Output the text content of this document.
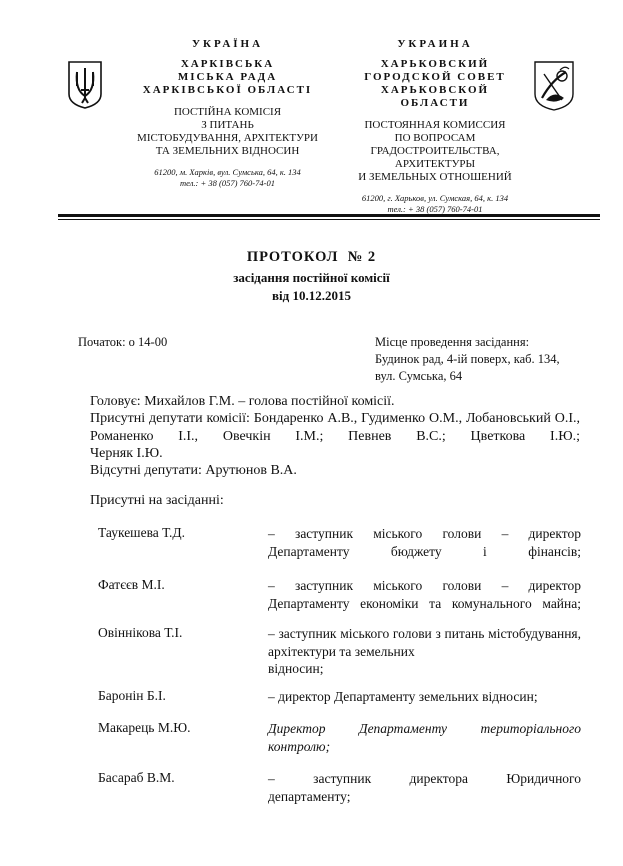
УКРАЇНА
ХАРКІВСЬКА
МІСЬКА РАДА
ХАРКІВСЬКОЇ ОБЛАСТІ
ПОСТІЙНА КОМІСІЯ
З ПИТАНЬ
МІСТОБУДУВАННЯ, АРХІТЕКТУРИ
ТА ЗЕМЕЛЬНИХ ВІДНОСИН
61200, м. Харків, вул. Сумська, 64, к. 134
тел.: + 38 (057) 760-74-01
УКРАИНА
ХАРЬКОВСКИЙ
ГОРОДСКОЙ СОВЕТ
ХАРЬКОВСКОЙ ОБЛАСТИ
ПОСТОЯННАЯ КОМИССИЯ
ПО ВОПРОСАМ
ГРАДОСТРОИТЕЛЬСТВА, АРХИТЕКТУРЫ
И ЗЕМЕЛЬНЫХ ОТНОШЕНИЙ
61200, г. Харьков, ул. Сумская, 64, к. 134
тел.: + 38 (057) 760-74-01
ПРОТОКОЛ  № 2
засідання постійної комісії
від 10.12.2015
Початок: о 14-00	Місце проведення засідання:
Будинок рад, 4-ій поверх, каб. 134,
вул. Сумська, 64
Головує: Михайлов Г.М. – голова постійної комісії.
Присутні депутати комісії: Бондаренко А.В., Гудименко О.М., Лобановський О.І., Романенко І.І., Овечкін І.М.; Певнев В.С.; Цветкова І.Ю.;
Черняк І.Ю.
Відсутні депутати: Арутюнов В.А.
Присутні на засіданні:
Таукешева Т.Д.	– заступник міського голови – директор
Департаменту бюджету і фінансів;
Фатєєв М.І.	– заступник міського голови – директор
Департаменту економіки та комунального майна;
Овіннікова Т.І.	– заступник міського голови з питань містобудування, архітектури та земельних
відносин;
Баронін Б.І.	– директор Департаменту земельних відносин;
Макарець М.Ю.	Директор Департаменту територіального
контролю;
Басараб В.М.	– заступник директора Юридичного
департаменту;
